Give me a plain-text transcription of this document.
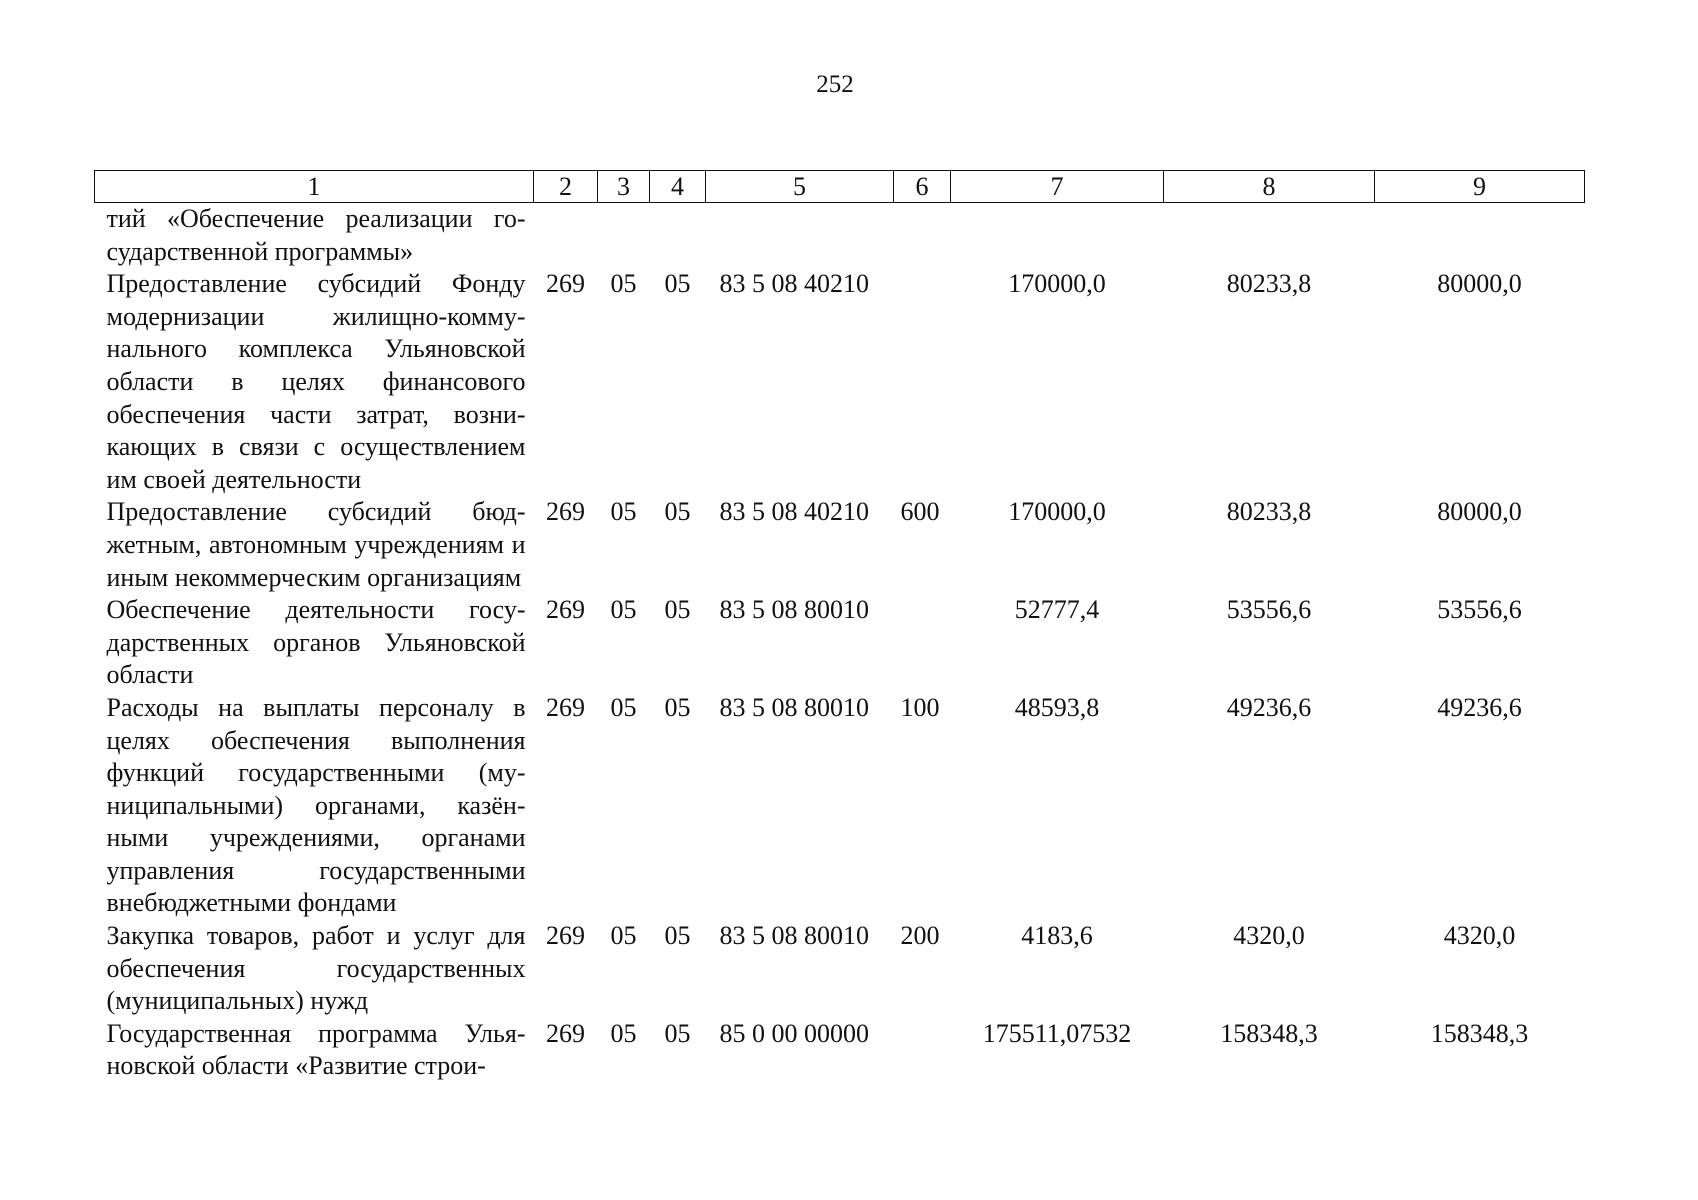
252
1	2	3	4	5	6	7	8	9
тий «Обеспечение реализации государственной программы»								
Предоставление субсидий Фонду модернизации жилищно-коммунального комплекса Ульяновской области в целях финансового обеспечения части затрат, возникающих в связи с осуществлением им своей деятельности	269	05	05	83 5 08 40210		170000,0	80233,8	80000,0
Предоставление субсидий бюджетным, автономным учреждениям и иным некоммерческим организациям	269	05	05	83 5 08 40210	600	170000,0	80233,8	80000,0
Обеспечение деятельности государственных органов Ульяновской области	269	05	05	83 5 08 80010		52777,4	53556,6	53556,6
Расходы на выплаты персоналу в целях обеспечения выполнения функций государственными (муниципальными) органами, казёнными учреждениями, органами управления государственными внебюджетными фондами	269	05	05	83 5 08 80010	100	48593,8	49236,6	49236,6
Закупка товаров, работ и услуг для обеспечения государственных (муниципальных) нужд	269	05	05	83 5 08 80010	200	4183,6	4320,0	4320,0
Государственная программа Ульяновской области «Развитие строи-	269	05	05	85 0 00 00000		175511,07532	158348,3	158348,3
